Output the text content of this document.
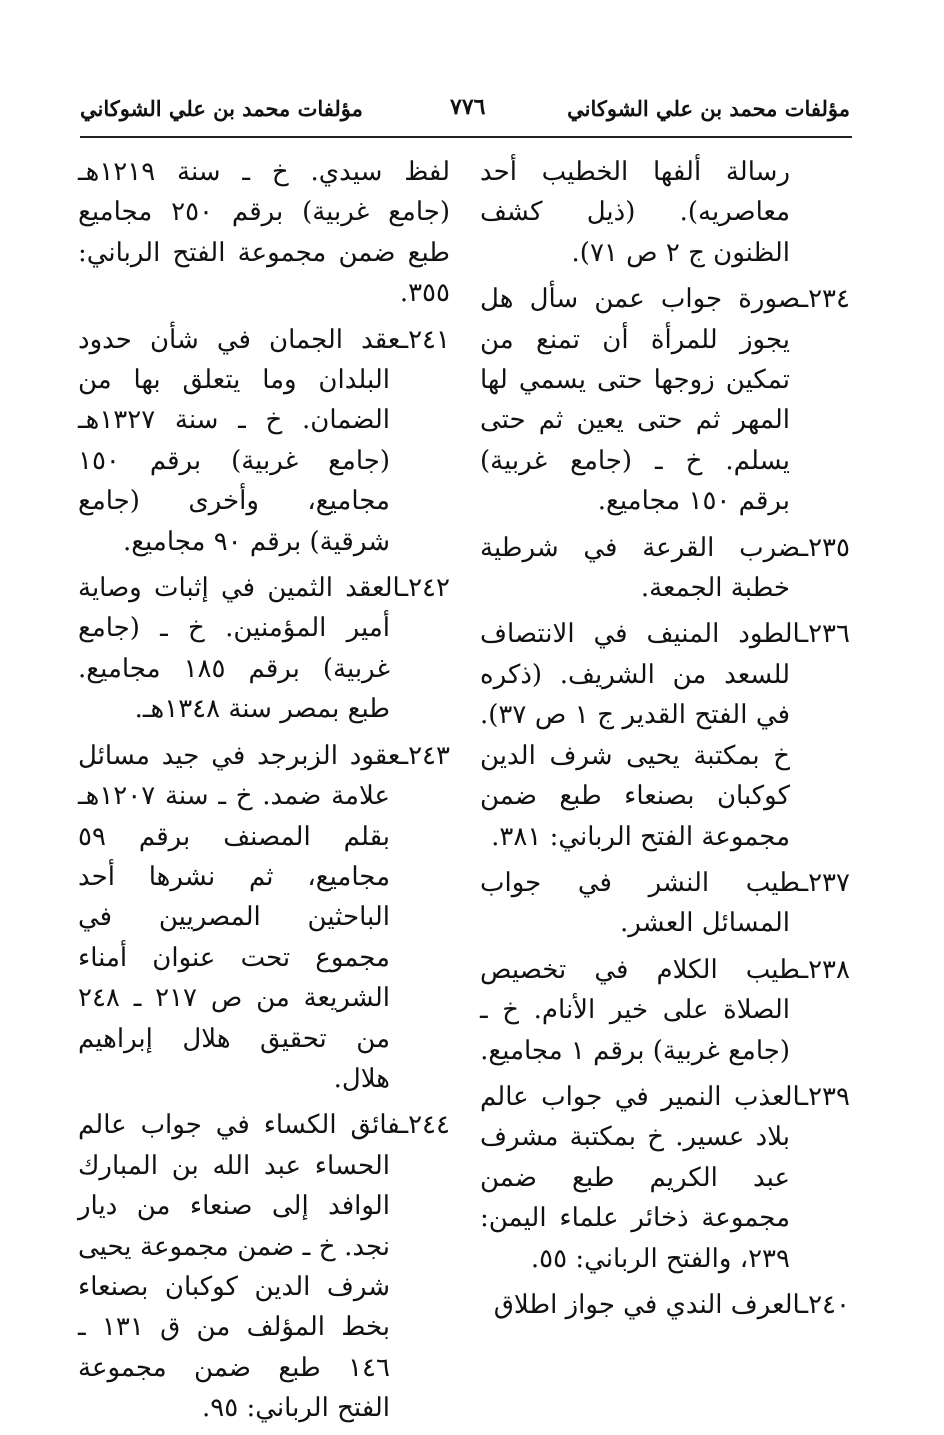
مؤلفات محمد بن علي الشوكاني
٧٧٦
مؤلفات محمد بن علي الشوكاني
رسالة ألفها الخطيب أحد معاصريه). (ذيل كشف الظنون ج ٢ ص ٧١).
٢٣٤ـصورة جواب عمن سأل هل يجوز للمرأة أن تمنع من تمكين زوجها حتى يسمي لها المهر ثم حتى يعين ثم حتى يسلم. خ ـ (جامع غربية) برقم ١٥٠ مجاميع.
٢٣٥ـضرب القرعة في شرطية خطبة الجمعة.
٢٣٦ـالطود المنيف في الانتصاف للسعد من الشريف. (ذكره في الفتح القدير ج ١ ص ٣٧). خ بمكتبة يحيى شرف الدين كوكبان بصنعاء طبع ضمن مجموعة الفتح الرباني: ٣٨١.
٢٣٧ـطيب النشر في جواب المسائل العشر.
٢٣٨ـطيب الكلام في تخصيص الصلاة على خير الأنام. خ ـ (جامع غربية) برقم ١ مجاميع.
٢٣٩ـالعذب النمير في جواب عالم بلاد عسير. خ بمكتبة مشرف عبد الكريم طبع ضمن مجموعة ذخائر علماء اليمن: ٢٣٩، والفتح الرباني: ٥٥.
٢٤٠ـالعرف الندي في جواز اطلاق
لفظ سيدي. خ ـ سنة ١٢١٩هـ (جامع غربية) برقم ٢٥٠ مجاميع طبع ضمن مجموعة الفتح الرباني: ٣٥٥.
٢٤١ـعقد الجمان في شأن حدود البلدان وما يتعلق بها من الضمان. خ ـ سنة ١٣٢٧هـ (جامع غربية) برقم ١٥٠ مجاميع، وأخرى (جامع شرقية) برقم ٩٠ مجاميع.
٢٤٢ـالعقد الثمين في إثبات وصاية أمير المؤمنين. خ ـ (جامع غربية) برقم ١٨٥ مجاميع. طبع بمصر سنة ١٣٤٨هـ.
٢٤٣ـعقود الزبرجد في جيد مسائل علامة ضمد. خ ـ سنة ١٢٠٧هـ بقلم المصنف برقم ٥٩ مجاميع، ثم نشرها أحد الباحثين المصريين في مجموع تحت عنوان أمناء الشريعة من ص ٢١٧ ـ ٢٤٨ من تحقيق هلال إبراهيم هلال.
٢٤٤ـفائق الكساء في جواب عالم الحساء عبد الله بن المبارك الوافد إلى صنعاء من ديار نجد. خ ـ ضمن مجموعة يحيى شرف الدين كوكبان بصنعاء بخط المؤلف من ق ١٣١ ـ ١٤٦ طبع ضمن مجموعة الفتح الرباني: ٩٥.
